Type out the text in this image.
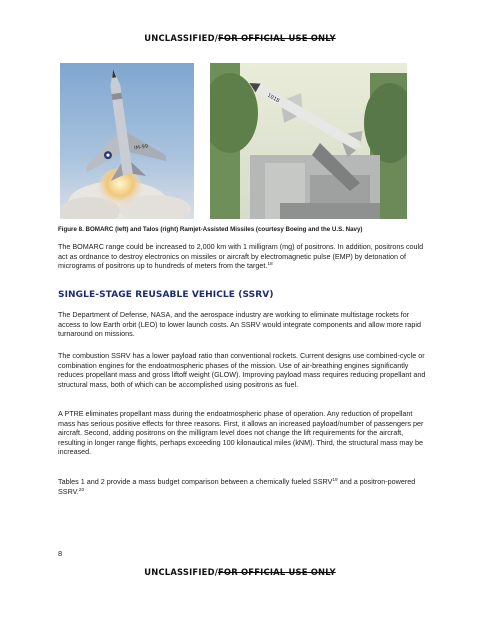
UNCLASSIFIED/FOR OFFICIAL USE ONLY
IM-99
1018
Figure 8. BOMARC (left) and Talos (right) Ramjet-Assisted Missiles (courtesy Boeing and the U.S. Navy)

The BOMARC range could be increased to 2,000 km with 1 milligram (mg) of positrons. In addition, positrons could act as ordnance to destroy electronics on missiles or aircraft by electromagnetic pulse (EMP) by detonation of micrograms of positrons up to hundreds of meters from the target.$^{18}$

SINGLE-STAGE REUSABLE VEHICLE (SSRV)

The Department of Defense, NASA, and the aerospace industry are working to eliminate multistage rockets for access to low Earth orbit (LEO) to lower launch costs. An SSRV would integrate components and allow more rapid turnaround on missions.

The combustion SSRV has a lower payload ratio than conventional rockets. Current designs use combined-cycle or combination engines for the endoatmospheric phases of the mission. Use of air-breathing engines significantly reduces propellant mass and gross liftoff weight (GLOW). Improving payload mass requires reducing propellant and structural mass, both of which can be accomplished using positrons as fuel.

A PTRE eliminates propellant mass during the endoatmospheric phase of operation. Any reduction of propellant mass has serious positive effects for three reasons. First, it allows an increased payload/number of passengers per aircraft. Second, adding positrons on the milligram level does not change the lift requirements for the aircraft, resulting in longer range flights, perhaps exceeding 100 kilonautical miles (kNM). Third, the structural mass may be increased.

Tables 1 and 2 provide a mass budget comparison between a chemically fueled SSRV$^{19}$ and a positron-powered SSRV.$^{20}$

8
UNCLASSIFIED/FOR OFFICIAL USE ONLY
